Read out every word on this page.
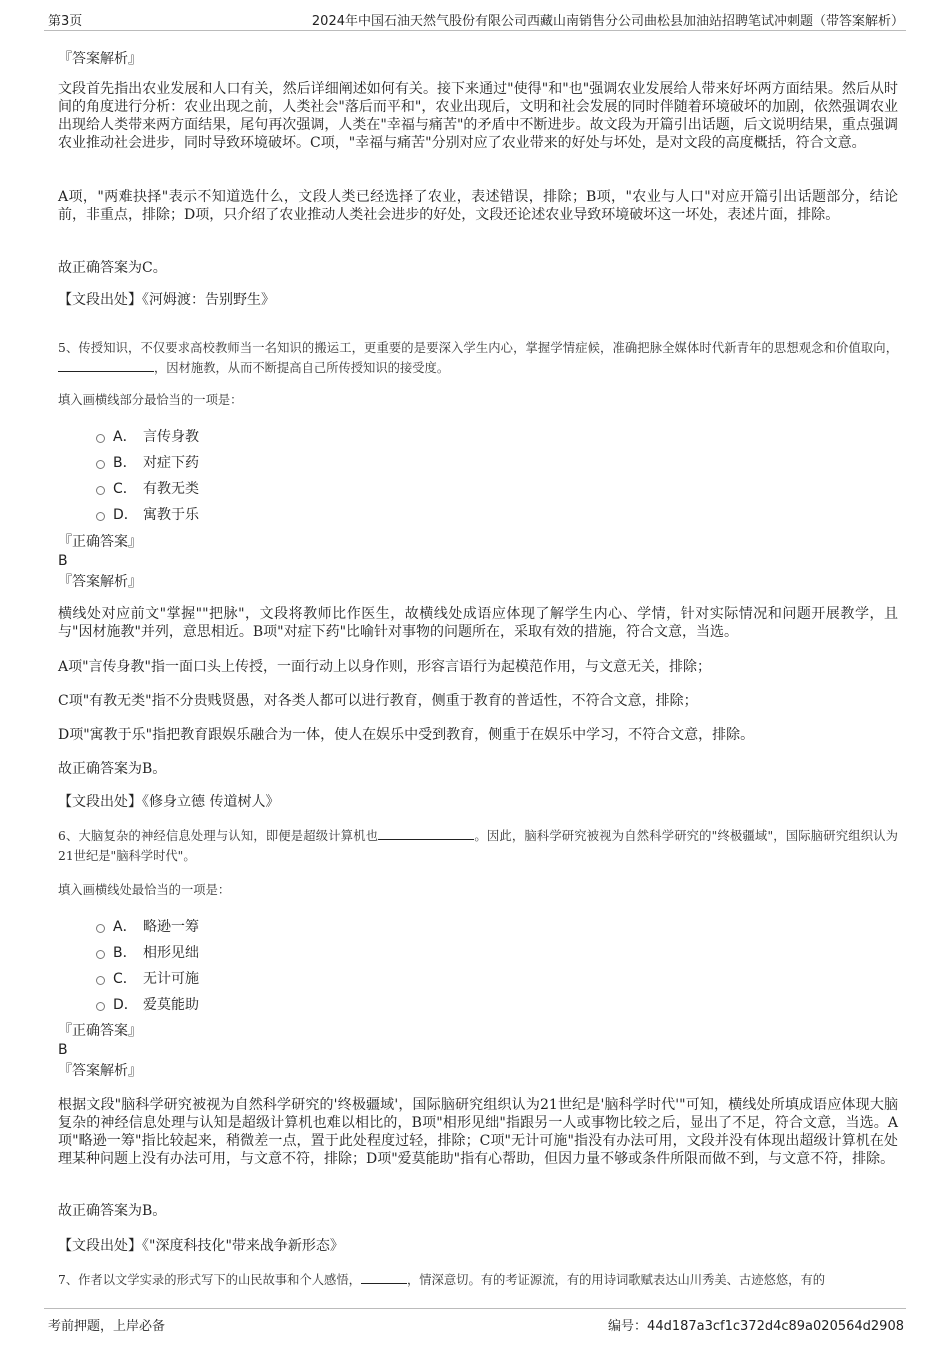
第3页	2024年中国石油天然气股份有限公司西藏山南销售分公司曲松县加油站招聘笔试冲刺题（带答案解析）
『答案解析』
文段首先指出农业发展和人口有关，然后详细阐述如何有关。接下来通过"使得"和"也"强调农业发展给人带来好坏两方面结果。然后从时间的角度进行分析：农业出现之前，人类社会"落后而平和"，农业出现后，文明和社会发展的同时伴随着环境破坏的加剧，依然强调农业出现给人类带来两方面结果，尾句再次强调，人类在"幸福与痛苦"的矛盾中不断进步。故文段为开篇引出话题，后文说明结果，重点强调农业推动社会进步，同时导致环境破坏。C项，"幸福与痛苦"分别对应了农业带来的好处与坏处，是对文段的高度概括，符合文意。
A项，"两难抉择"表示不知道选什么，文段人类已经选择了农业，表述错误，排除；B项，"农业与人口"对应开篇引出话题部分，结论前，非重点，排除；D项，只介绍了农业推动人类社会进步的好处，文段还论述农业导致环境破坏这一坏处，表述片面，排除。
故正确答案为C。
【文段出处】《河姆渡：告别野生》
5、传授知识，不仅要求高校教师当一名知识的搬运工，更重要的是要深入学生内心，掌握学情症候，准确把脉全媒体时代新青年的思想观念和价值取向，，因材施教，从而不断提高自己所传授知识的接受度。
填入画横线部分最恰当的一项是：
A． 言传身教
B． 对症下药
C． 有教无类
D． 寓教于乐
『正确答案』
B
『答案解析』
横线处对应前文"掌握""把脉"，文段将教师比作医生，故横线处成语应体现了解学生内心、学情，针对实际情况和问题开展教学，且与"因材施教"并列，意思相近。B项"对症下药"比喻针对事物的问题所在，采取有效的措施，符合文意，当选。
A项"言传身教"指一面口头上传授，一面行动上以身作则，形容言语行为起模范作用，与文意无关，排除；
C项"有教无类"指不分贵贱贤愚，对各类人都可以进行教育，侧重于教育的普适性，不符合文意，排除；
D项"寓教于乐"指把教育跟娱乐融合为一体，使人在娱乐中受到教育，侧重于在娱乐中学习，不符合文意，排除。
故正确答案为B。
【文段出处】《修身立德 传道树人》
6、大脑复杂的神经信息处理与认知，即便是超级计算机也	。因此，脑科学研究被视为自然科学研究的"终极疆域"，国际脑研究组织认为21世纪是"脑科学时代"。
填入画横线处最恰当的一项是：
A． 略逊一筹
B． 相形见绌
C． 无计可施
D． 爱莫能助
『正确答案』
B
『答案解析』
根据文段"脑科学研究被视为自然科学研究的'终极疆域'，国际脑研究组织认为21世纪是'脑科学时代'"可知，横线处所填成语应体现大脑复杂的神经信息处理与认知是超级计算机也难以相比的，B项"相形见绌"指跟另一人或事物比较之后，显出了不足，符合文意，当选。A项"略逊一筹"指比较起来，稍微差一点，置于此处程度过轻，排除；C项"无计可施"指没有办法可用，文段并没有体现出超级计算机在处理某种问题上没有办法可用，与文意不符，排除；D项"爱莫能助"指有心帮助，但因力量不够或条件所限而做不到，与文意不符，排除。
故正确答案为B。
【文段出处】《"深度科技化"带来战争新形态》
7、作者以文学实录的形式写下的山民故事和个人感悟，	，情深意切。有的考证源流，有的用诗词歌赋表达山川秀美、古迹悠悠，有的
考前押题，上岸必备	编号：44d187a3cf1c372d4c89a020564d2908
